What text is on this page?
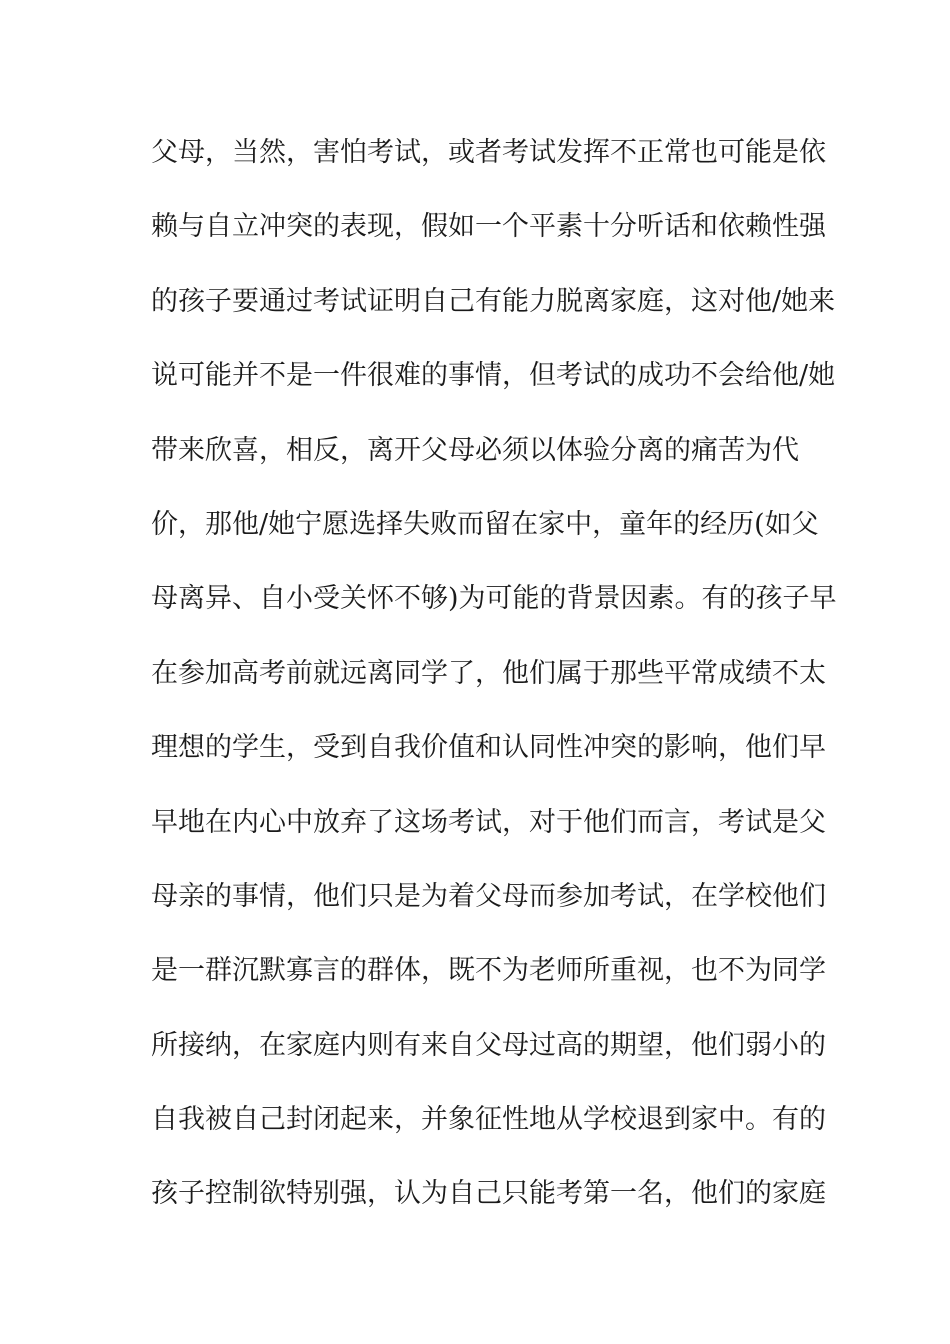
父母，当然，害怕考试，或者考试发挥不正常也可能是依
赖与自立冲突的表现，假如一个平素十分听话和依赖性强
的孩子要通过考试证明自己有能力脱离家庭，这对他/她来
说可能并不是一件很难的事情，但考试的成功不会给他/她
带来欣喜，相反，离开父母必须以体验分离的痛苦为代
价，那他/她宁愿选择失败而留在家中，童年的经历(如父
母离异、自小受关怀不够)为可能的背景因素。有的孩子早
在参加高考前就远离同学了，他们属于那些平常成绩不太
理想的学生，受到自我价值和认同性冲突的影响，他们早
早地在内心中放弃了这场考试，对于他们而言，考试是父
母亲的事情，他们只是为着父母而参加考试，在学校他们
是一群沉默寡言的群体，既不为老师所重视，也不为同学
所接纳，在家庭内则有来自父母过高的期望，他们弱小的
自我被自己封闭起来，并象征性地从学校退到家中。有的
孩子控制欲特别强，认为自己只能考第一名，他们的家庭
